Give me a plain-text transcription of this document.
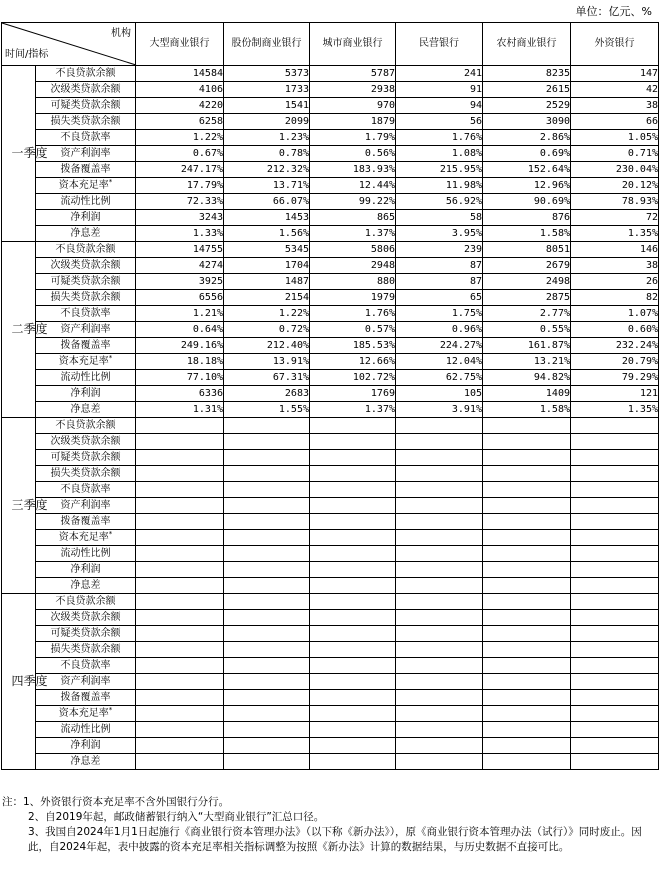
单位：亿元、%
机构
时间/指标		大型商业银行	股份制商业银行	城市商业银行	民营银行	农村商业银行	外资银行

一季度	不良贷款余额	14584	5373	5787	241	8235	147
	次级类贷款余额	4106	1733	2938	91	2615	42
	可疑类贷款余额	4220	1541	970	94	2529	38
	损失类贷款余额	6258	2099	1879	56	3090	66
	不良贷款率	1.22%	1.23%	1.79%	1.76%	2.86%	1.05%
	资产利润率	0.67%	0.78%	0.56%	1.08%	0.69%	0.71%
	拨备覆盖率	247.17%	212.32%	183.93%	215.95%	152.64%	230.04%
	资本充足率*	17.79%	13.71%	12.44%	11.98%	12.96%	20.12%
	流动性比例	72.33%	66.07%	99.22%	56.92%	90.69%	78.93%
	净利润	3243	1453	865	58	876	72
	净息差	1.33%	1.56%	1.37%	3.95%	1.58%	1.35%

二季度	不良贷款余额	14755	5345	5806	239	8051	146
	次级类贷款余额	4274	1704	2948	87	2679	38
	可疑类贷款余额	3925	1487	880	87	2498	26
	损失类贷款余额	6556	2154	1979	65	2875	82
	不良贷款率	1.21%	1.22%	1.76%	1.75%	2.77%	1.07%
	资产利润率	0.64%	0.72%	0.57%	0.96%	0.55%	0.60%
	拨备覆盖率	249.16%	212.40%	185.53%	224.27%	161.87%	232.24%
	资本充足率*	18.18%	13.91%	12.66%	12.04%	13.21%	20.79%
	流动性比例	77.10%	67.31%	102.72%	62.75%	94.82%	79.29%
	净利润	6336	2683	1769	105	1409	121
	净息差	1.31%	1.55%	1.37%	3.91%	1.58%	1.35%

三季度	不良贷款余额						
	次级类贷款余额						
	可疑类贷款余额						
	损失类贷款余额						
	不良贷款率						
	资产利润率						
	拨备覆盖率						
	资本充足率*						
	流动性比例						
	净利润						
	净息差						

四季度	不良贷款余额						
	次级类贷款余额						
	可疑类贷款余额						
	损失类贷款余额						
	不良贷款率						
	资产利润率						
	拨备覆盖率						
	资本充足率*						
	流动性比例						
	净利润						
	净息差						

注：1、外资银行资本充足率不含外国银行分行。

2、自2019年起，邮政储蓄银行纳入“大型商业银行”汇总口径。

3、我国自2024年1月1日起施行《商业银行资本管理办法》（以下称《新办法》），原《商业银行资本管理办法（试行）》同时废止。因此，自2024年起，表中披露的资本充足率相关指标调整为按照《新办法》计算的数据结果，与历史数据不直接可比。
